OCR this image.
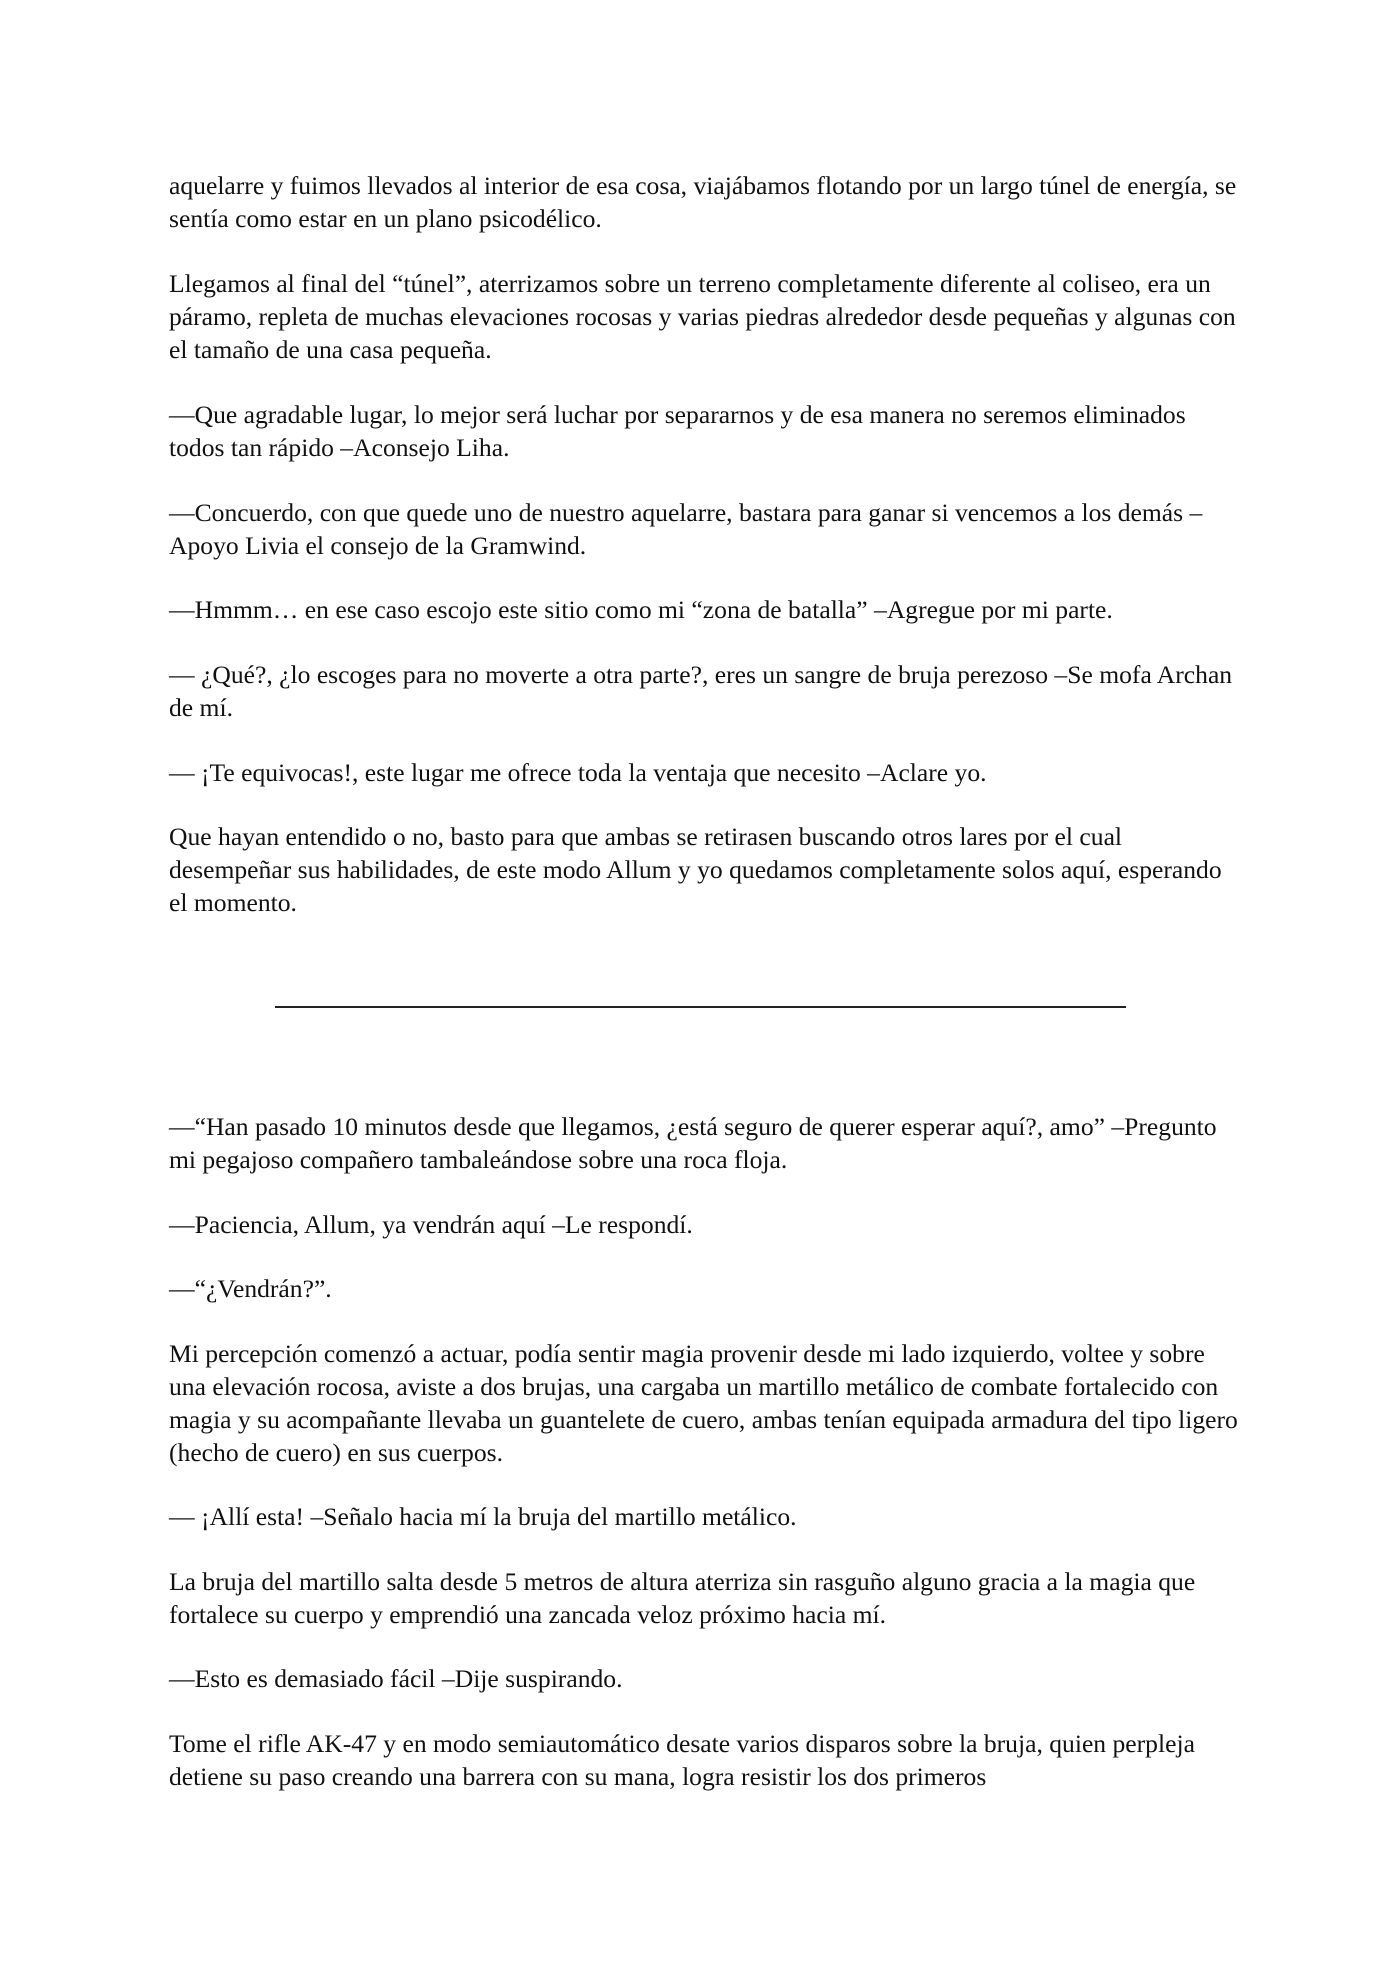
aquelarre y fuimos llevados al interior de esa cosa, viajábamos flotando por un largo túnel de energía, se sentía como estar en un plano psicodélico.

Llegamos al final del “túnel”, aterrizamos sobre un terreno completamente diferente al coliseo, era un páramo, repleta de muchas elevaciones rocosas y varias piedras alrededor desde pequeñas y algunas con el tamaño de una casa pequeña.

—Que agradable lugar, lo mejor será luchar por separarnos y de esa manera no seremos eliminados todos tan rápido –Aconsejo Liha.

—Concuerdo, con que quede uno de nuestro aquelarre, bastara para ganar si vencemos a los demás –Apoyo Livia el consejo de la Gramwind.

—Hmmm… en ese caso escojo este sitio como mi “zona de batalla” –Agregue por mi parte.

— ¿Qué?, ¿lo escoges para no moverte a otra parte?, eres un sangre de bruja perezoso –Se mofa Archan de mí.

— ¡Te equivocas!, este lugar me ofrece toda la ventaja que necesito –Aclare yo.

Que hayan entendido o no, basto para que ambas se retirasen buscando otros lares por el cual desempeñar sus habilidades, de este modo Allum y yo quedamos completamente solos aquí, esperando el momento.

—“Han pasado 10 minutos desde que llegamos, ¿está seguro de querer esperar aquí?, amo” –Pregunto mi pegajoso compañero tambaleándose sobre una roca floja.

—Paciencia, Allum, ya vendrán aquí –Le respondí.

—“¿Vendrán?”.

Mi percepción comenzó a actuar, podía sentir magia provenir desde mi lado izquierdo, voltee y sobre una elevación rocosa, aviste a dos brujas, una cargaba un martillo metálico de combate fortalecido con magia y su acompañante llevaba un guantelete de cuero, ambas tenían equipada armadura del tipo ligero (hecho de cuero) en sus cuerpos.

— ¡Allí esta! –Señalo hacia mí la bruja del martillo metálico.

La bruja del martillo salta desde 5 metros de altura aterriza sin rasguño alguno gracia a la magia que fortalece su cuerpo y emprendió una zancada veloz próximo hacia mí.

—Esto es demasiado fácil –Dije suspirando.

Tome el rifle AK-47 y en modo semiautomático desate varios disparos sobre la bruja, quien perpleja detiene su paso creando una barrera con su mana, logra resistir los dos primeros
